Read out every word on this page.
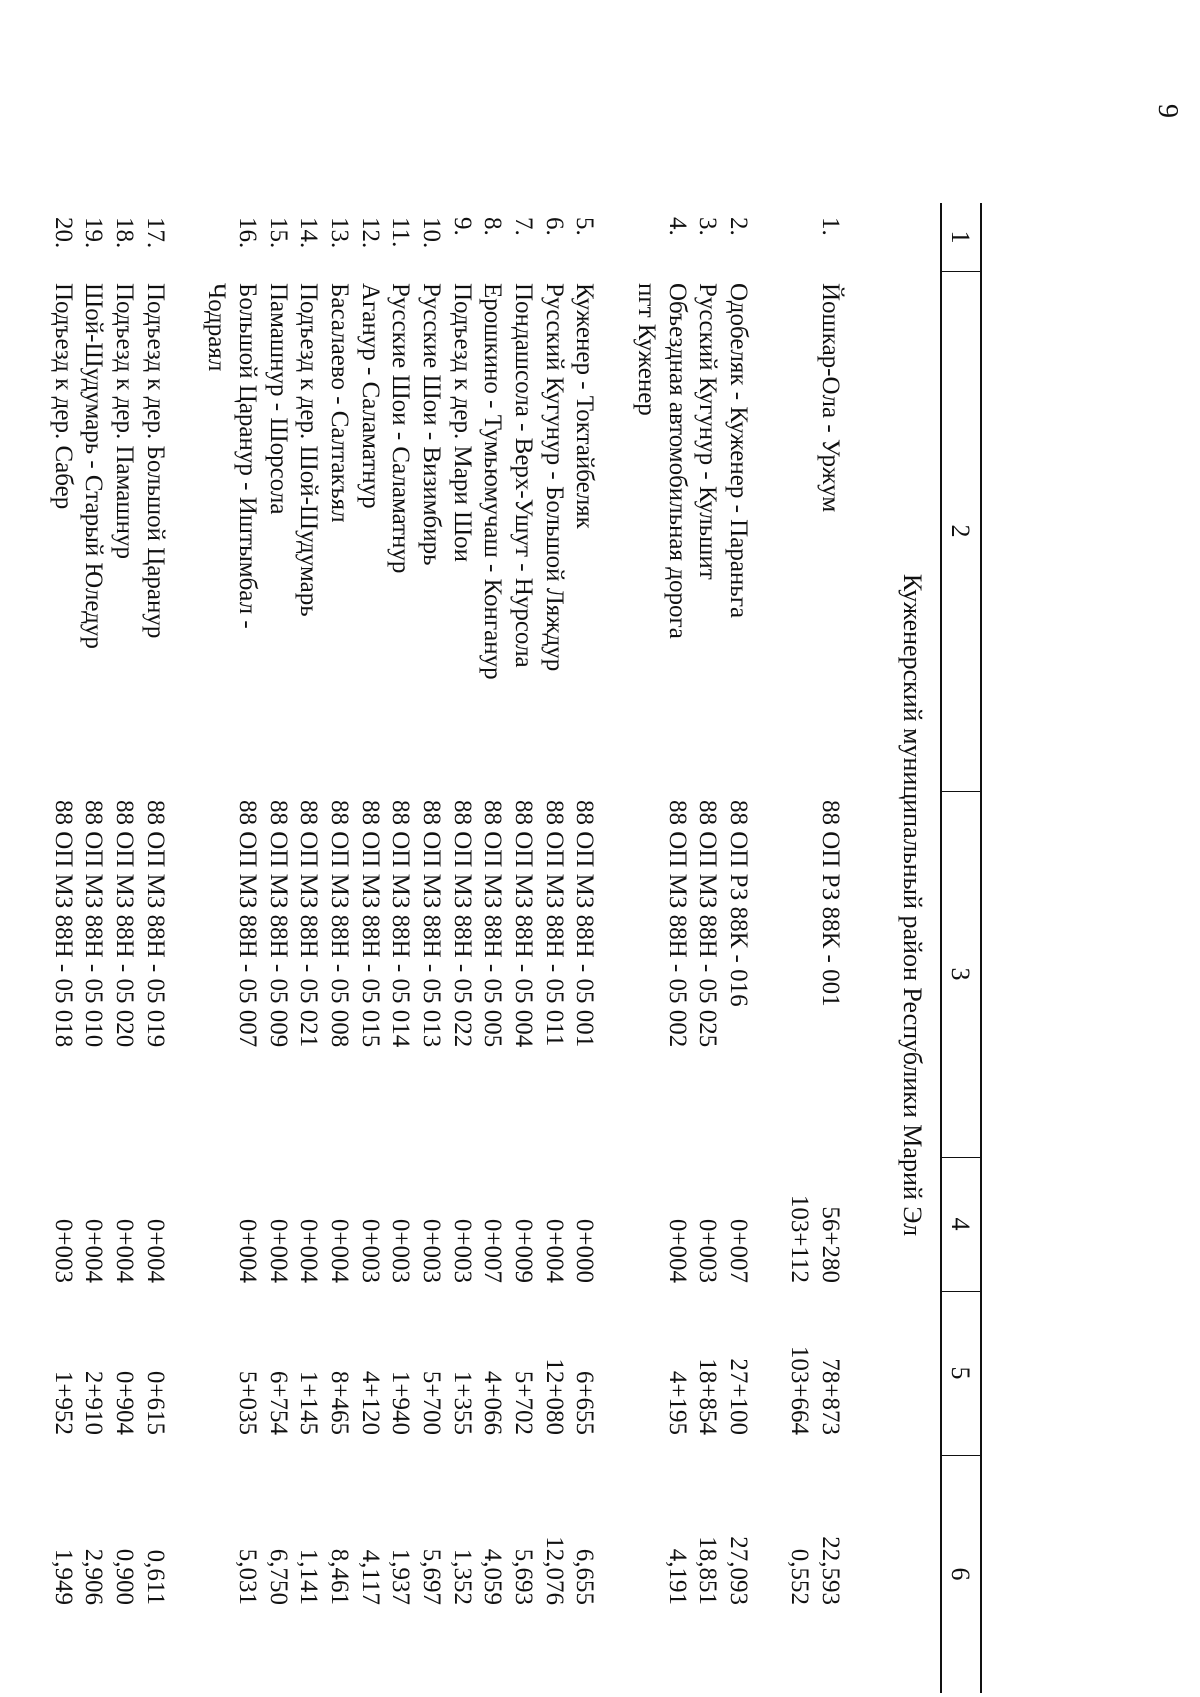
9
1
2
3
4
5
6
Куженерский муниципальный район Республики Марий Эл
1.
Йошкар-Ола - Уржум
88 ОП РЗ 88К - 001
56+280
78+873
22,593
103+112
103+664
0,552
2.
Одобеляк - Куженер - Параньга
88 ОП РЗ 88К - 016
0+007
27+100
27,093
3.
Русский Кугунур - Кульшит
88 ОП МЗ 88Н - 05 025
0+003
18+854
18,851
4.
Объездная автомобильная дорога
88 ОП МЗ 88Н - 05 002
0+004
4+195
4,191
пгт Куженер
5.
Куженер - Токтайбеляк
88 ОП МЗ 88Н - 05 001
0+000
6+655
6,655
6.
Русский Кугунур - Большой Ляждур
88 ОП МЗ 88Н - 05 011
0+004
12+080
12,076
7.
Пондашсола - Верх-Ушут - Нурсола
88 ОП МЗ 88Н - 05 004
0+009
5+702
5,693
8.
Ерошкино - Тумьюмучаш - Конганур
88 ОП МЗ 88Н - 05 005
0+007
4+066
4,059
9.
Подъезд к дер. Мари Шои
88 ОП МЗ 88Н - 05 022
0+003
1+355
1,352
10.
Русские Шои - Визимбирь
88 ОП МЗ 88Н - 05 013
0+003
5+700
5,697
11.
Русские Шои - Саламатнур
88 ОП МЗ 88Н - 05 014
0+003
1+940
1,937
12.
Аганур - Саламатнур
88 ОП МЗ 88Н - 05 015
0+003
4+120
4,117
13.
Басалаево - Салтакъял
88 ОП МЗ 88Н - 05 008
0+004
8+465
8,461
14.
Подъезд к дер. Шой-Шудумарь
88 ОП МЗ 88Н - 05 021
0+004
1+145
1,141
15.
Памашнур - Шорсола
88 ОП МЗ 88Н - 05 009
0+004
6+754
6,750
16.
Большой Царанур - Иштымбал -
88 ОП МЗ 88Н - 05 007
0+004
5+035
5,031
Чодраял
17.
Подъезд к дер. Большой Царанур
88 ОП МЗ 88Н - 05 019
0+004
0+615
0,611
18.
Подъезд к дер. Памашнур
88 ОП МЗ 88Н - 05 020
0+004
0+904
0,900
19.
Шой-Шудумарь - Старый Юледур
88 ОП МЗ 88Н - 05 010
0+004
2+910
2,906
20.
Подъезд к дер. Сабер
88 ОП МЗ 88Н - 05 018
0+003
1+952
1,949
